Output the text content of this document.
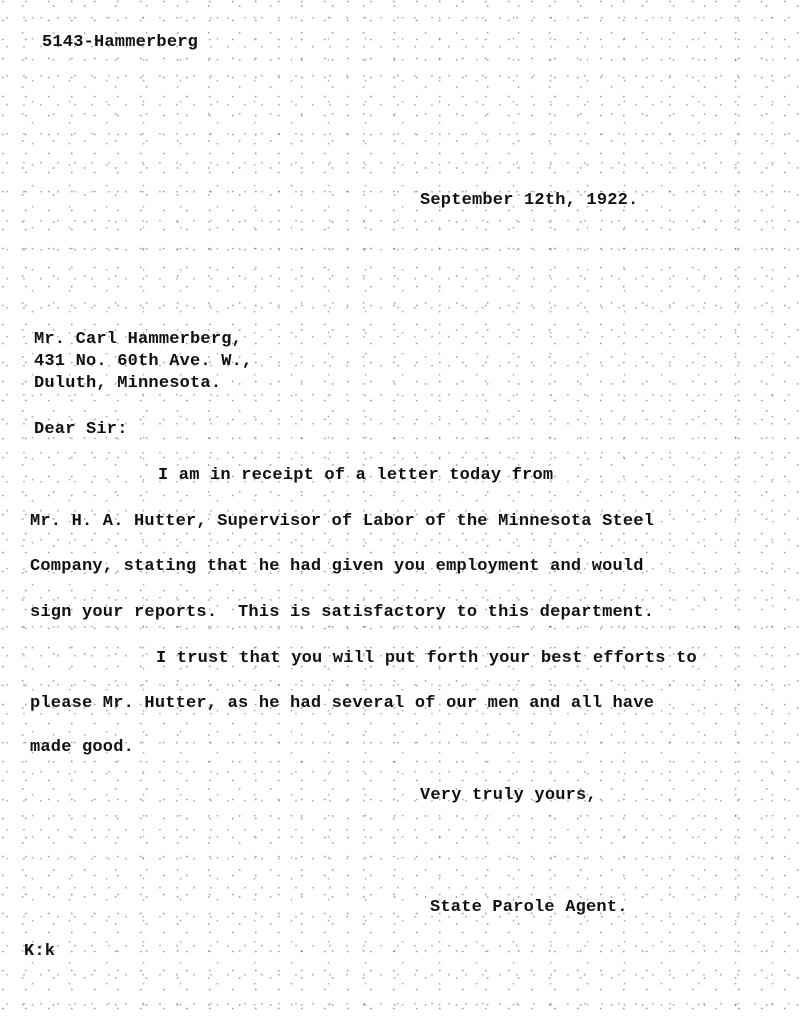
5143-Hammerberg
September 12th, 1922.
Mr. Carl Hammerberg,
431 No. 60th Ave. W.,
Duluth, Minnesota.
Dear Sir:
I am in receipt of a letter today from
Mr. H. A. Hutter, Supervisor of Labor of the Minnesota Steel
Company, stating that he had given you employment and would
sign your reports.  This is satisfactory to this department.
I trust that you will put forth your best efforts to
please Mr. Hutter, as he had several of our men and all have
made good.
Very truly yours,
State Parole Agent.
K:k
